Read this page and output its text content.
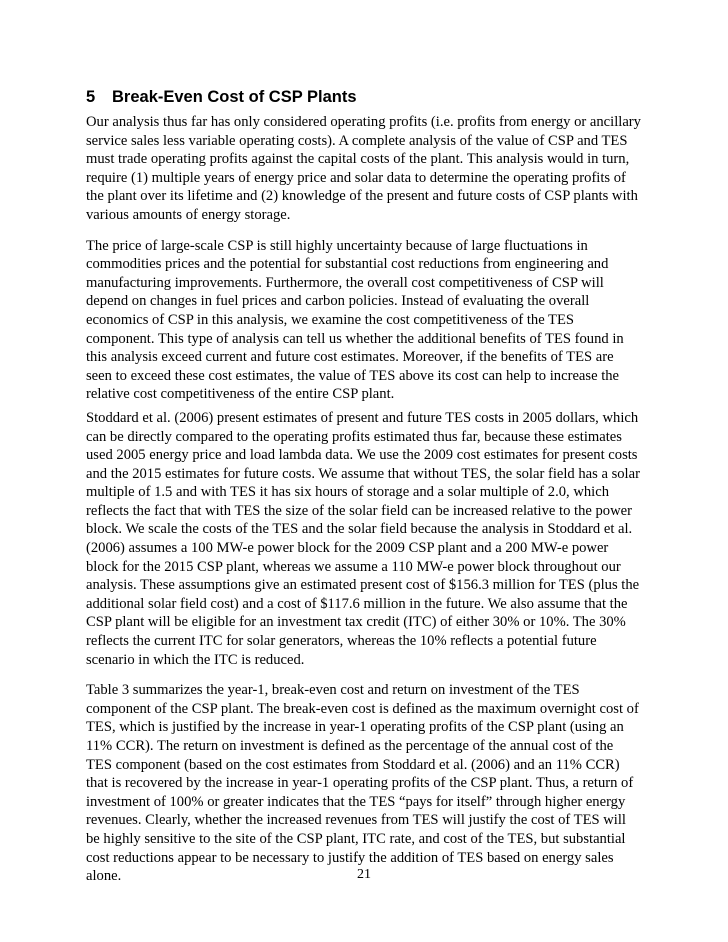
5 Break-Even Cost of CSP Plants

Our analysis thus far has only considered operating profits (i.e. profits from energy or ancillary service sales less variable operating costs). A complete analysis of the value of CSP and TES must trade operating profits against the capital costs of the plant. This analysis would in turn, require (1) multiple years of energy price and solar data to determine the operating profits of the plant over its lifetime and (2) knowledge of the present and future costs of CSP plants with various amounts of energy storage.

The price of large-scale CSP is still highly uncertainty because of large fluctuations in commodities prices and the potential for substantial cost reductions from engineering and manufacturing improvements. Furthermore, the overall cost competitiveness of CSP will depend on changes in fuel prices and carbon policies. Instead of evaluating the overall economics of CSP in this analysis, we examine the cost competitiveness of the TES component. This type of analysis can tell us whether the additional benefits of TES found in this analysis exceed current and future cost estimates. Moreover, if the benefits of TES are seen to exceed these cost estimates, the value of TES above its cost can help to increase the relative cost competitiveness of the entire CSP plant.

Stoddard et al. (2006) present estimates of present and future TES costs in 2005 dollars, which can be directly compared to the operating profits estimated thus far, because these estimates used 2005 energy price and load lambda data. We use the 2009 cost estimates for present costs and the 2015 estimates for future costs. We assume that without TES, the solar field has a solar multiple of 1.5 and with TES it has six hours of storage and a solar multiple of 2.0, which reflects the fact that with TES the size of the solar field can be increased relative to the power block. We scale the costs of the TES and the solar field because the analysis in Stoddard et al. (2006) assumes a 100 MW-e power block for the 2009 CSP plant and a 200 MW-e power block for the 2015 CSP plant, whereas we assume a 110 MW-e power block throughout our analysis. These assumptions give an estimated present cost of $156.3 million for TES (plus the additional solar field cost) and a cost of $117.6 million in the future. We also assume that the CSP plant will be eligible for an investment tax credit (ITC) of either 30% or 10%. The 30% reflects the current ITC for solar generators, whereas the 10% reflects a potential future scenario in which the ITC is reduced.

Table 3 summarizes the year-1, break-even cost and return on investment of the TES component of the CSP plant. The break-even cost is defined as the maximum overnight cost of TES, which is justified by the increase in year-1 operating profits of the CSP plant (using an 11% CCR). The return on investment is defined as the percentage of the annual cost of the TES component (based on the cost estimates from Stoddard et al. (2006) and an 11% CCR) that is recovered by the increase in year-1 operating profits of the CSP plant. Thus, a return of investment of 100% or greater indicates that the TES “pays for itself” through higher energy revenues. Clearly, whether the increased revenues from TES will justify the cost of TES will be highly sensitive to the site of the CSP plant, ITC rate, and cost of the TES, but substantial cost reductions appear to be necessary to justify the addition of TES based on energy sales alone.	21
